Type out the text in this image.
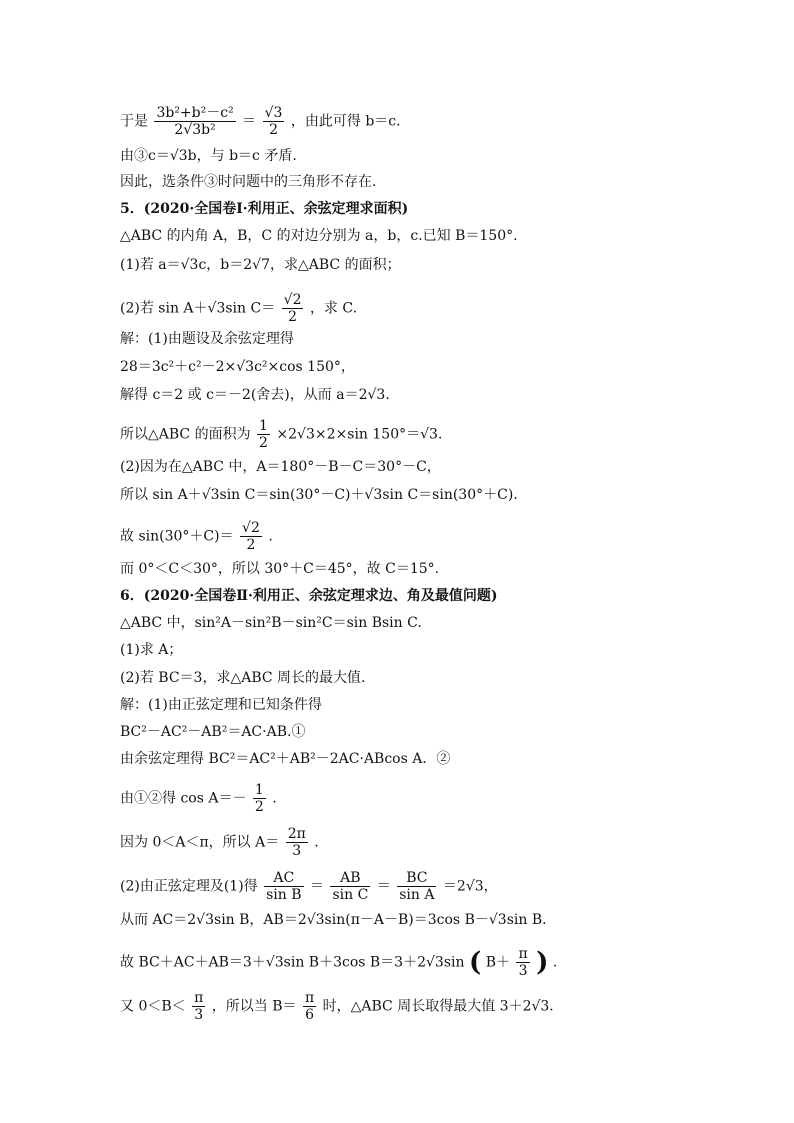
于是 $\frac{\text{3b²+b²－c²}}{\text{2√3b²}} = \frac{√3}{2}$ ，由此可得 b＝c.
由③c＝√3b，与 b＝c 矛盾.
因此，选条件③时问题中的三角形不存在.
5．(2020·全国卷Ⅰ·利用正、余弦定理求面积)
△ABC 的内角 A，B，C 的对边分别为 a，b，c.已知 B＝150°.
(1)若 a＝√3c，b＝2√7，求△ABC 的面积；
(2)若 sin A＋√3sin $C= \frac{√2}{2}$ ，求 C.
解：(1)由题设及余弦定理得
28＝3c²＋c²－2×√3c²×cos 150°，
解得 c＝2 或 c＝－2(舍去)，从而 a＝2√3.
所以△ABC 的面积为 $\frac{1}{2} \times 2√3\times 2\times\sin$ 150°＝√3.
(2)因为在△ABC 中，A＝180°－B－C＝30°－C，
所以 sin A＋√3sin C＝sin(30°－C)＋√3sin C＝sin(30°＋C).
故 $\sin(30^\circ+C)= \frac{√2}{2}$ .
而 0°＜C＜30°，所以 30°＋C＝45°，故 C＝15°.
6．(2020·全国卷Ⅱ·利用正、余弦定理求边、角及最值问题)
△ABC 中，sin²A－sin²B－sin²C＝sin Bsin C.
(1)求 A；
(2)若 BC＝3，求△ABC 周长的最大值.
解：(1)由正弦定理和已知条件得
BC²－AC²－AB²＝AC·AB.①
由余弦定理得 BC²＝AC²＋AB²－2AC·ABcos A．②
由①②得 $\cos A=- \frac{1}{2}$ .
因为 0＜A＜π，所以 $A= \frac{2\pi}{3}$ .
(2)由正弦定理及(1)得 $\frac{AC}{\text{sin B}} = \frac{AB}{\text{sin C}} = \frac{BC}{\text{sin A}} =2√3$，
从而 AC＝2√3sin B，AB＝2√3sin(π－A－B)＝3cos B－√3sin B.
故 BC＋AC＋AB＝3＋√3sin B＋3cos B＝3＋2√3sin ( $B+ \frac{\pi}{3}$ ) .
又 $0<B< \frac{\pi}{3}$ ，所以当 $B= \frac{\pi}{6}$ 时，△ABC 周长取得最大值 3＋2√3.
